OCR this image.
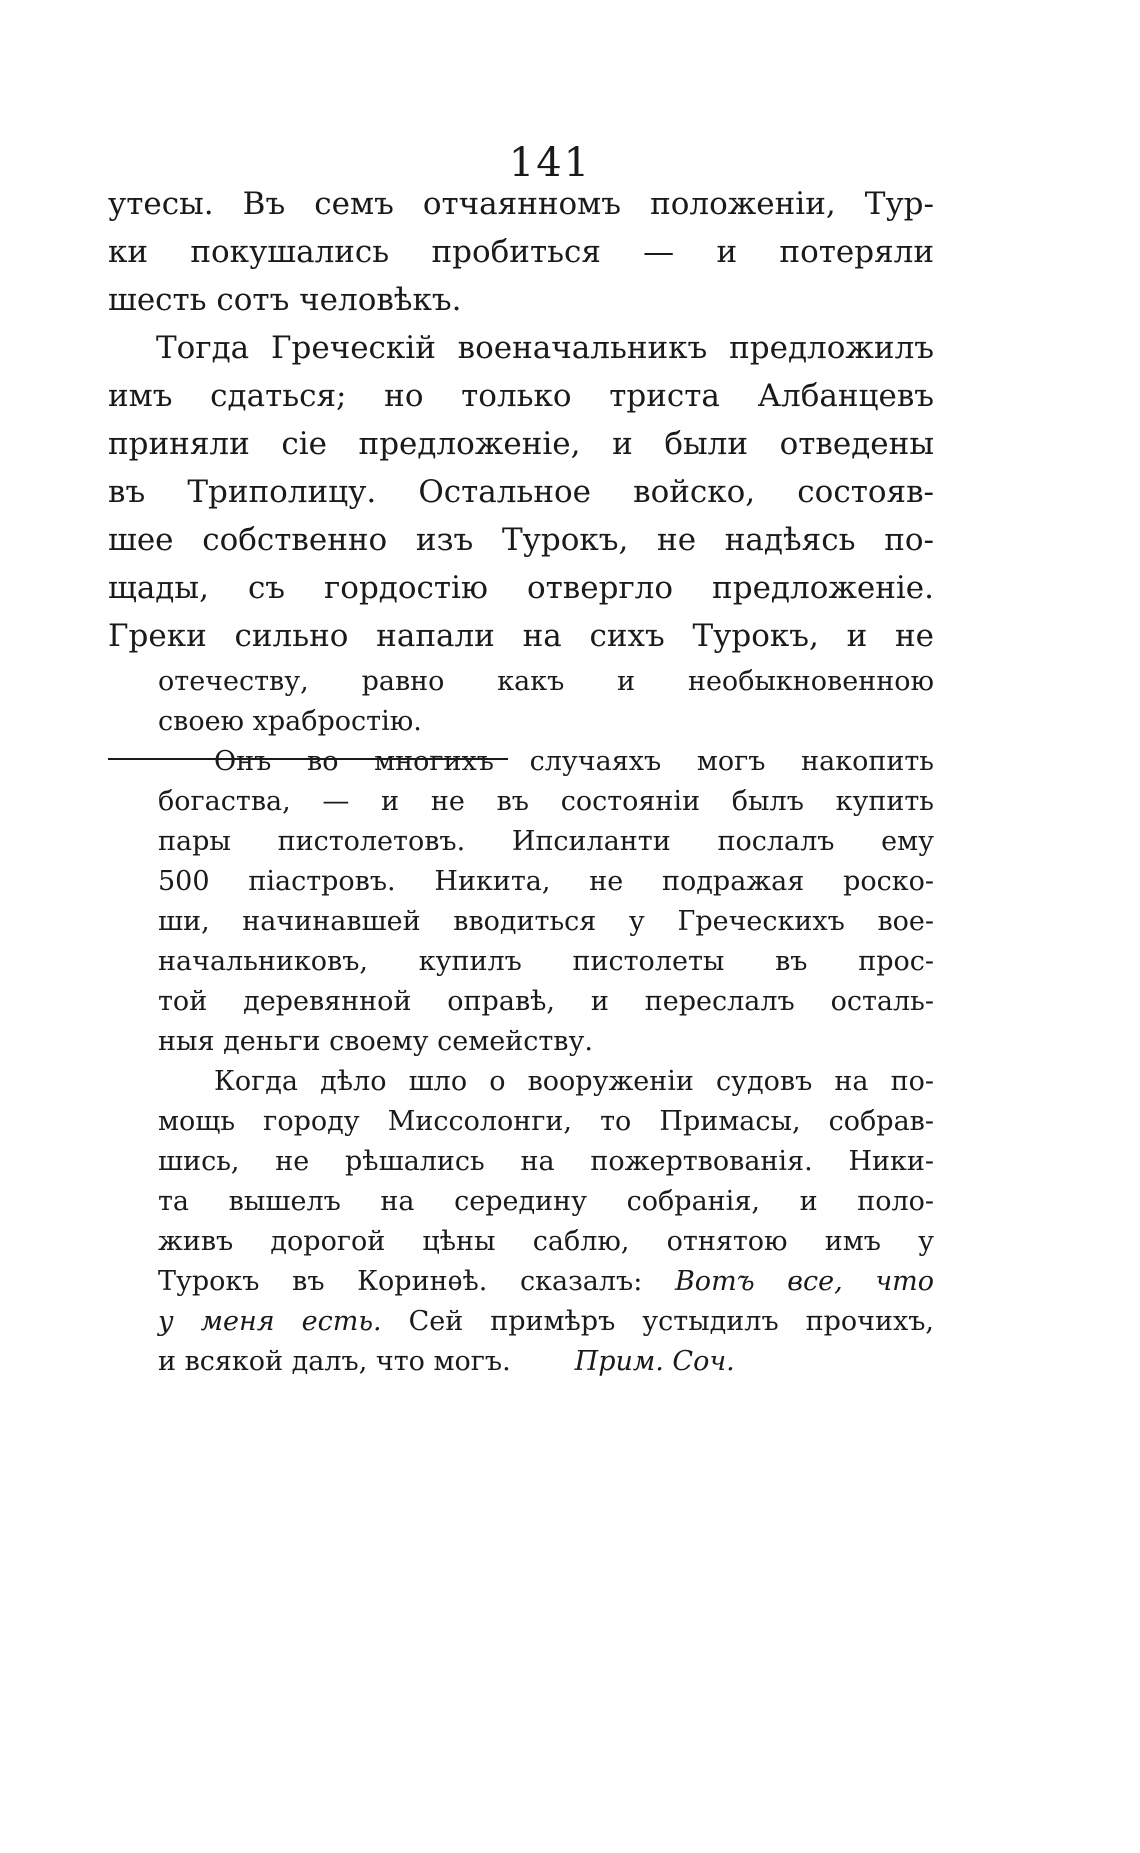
141
утесы. Въ семъ отчаянномъ положеніи, Тур-
ки покушались пробиться — и потеряли
шесть сотъ человѣкъ.
Тогда Греческій военачальникъ предложилъ
имъ сдаться; но только триста Албанцевъ
приняли сіе предложеніе, и были отведены
въ Триполицу. Остальное войско, состояв-
шее собственно изъ Турокъ, не надѣясь по-
щады, съ гордостію отвергло предложеніе.
Греки сильно напали на сихъ Турокъ, и не
отечеству, равно какъ и необыкновенною
своею храбростію.
Онъ во многихъ случаяхъ могъ накопить
богаства, — и не въ состояніи былъ купить
пары пистолетовъ. Ипсиланти послалъ ему
500 піастровъ. Никита, не подражая роско-
ши, начинавшей вводиться у Греческихъ вое-
начальниковъ, купилъ пистолеты въ прос-
той деревянной оправѣ, и переслалъ осталь-
ныя деньги своему семейству.
Когда дѣло шло о вооруженіи судовъ на по-
мощь городу Миссолонги, то Примасы, собрав-
шись, не рѣшались на пожертвованія. Ники-
та вышелъ на середину собранія, и поло-
живъ дорогой цѣны саблю, отнятою имъ у
Турокъ въ Коринѳѣ. сказалъ: Вотъ все, что
у меня есть. Сей примѣръ устыдилъ прочихъ,
и всякой далъ, что могъ. Прим. Соч.
